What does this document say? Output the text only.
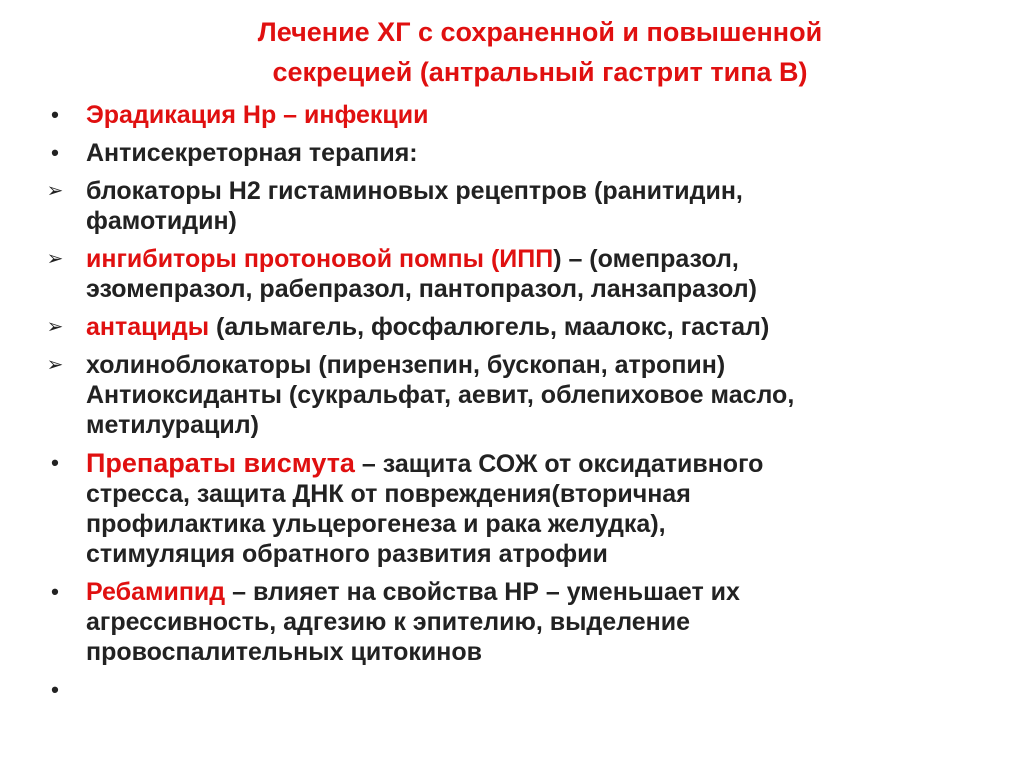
Лечение ХГ с сохраненной и повышенной
секрецией (антральный гастрит типа В)
•	Эрадикация Нр – инфекции
•	Антисекреторная терапия:
➢ блокаторы Н2 гистаминовых рецептров (ранитидин,
фамотидин)
➢ ингибиторы протоновой помпы (ИПП) – (омепразол,
эзомепразол, рабепразол, пантопразол, ланзапразол)
➢ антациды (альмагель, фосфалюгель, маалокс, гастал)
➢ холиноблокаторы (пирензепин, бускопан, атропин)
Антиоксиданты (сукральфат, аевит, облепиховое масло,
метилурацил)
•	Препараты висмута – защита СОЖ от оксидативного
стресса, защита ДНК от повреждения(вторичная
профилактика ульцерогенеза и рака желудка),
стимуляция обратного развития атрофии
•	Ребамипид – влияет на свойства НР – уменьшает их
агрессивность, адгезию к эпителию, выделение
провоспалительных цитокинов
•
